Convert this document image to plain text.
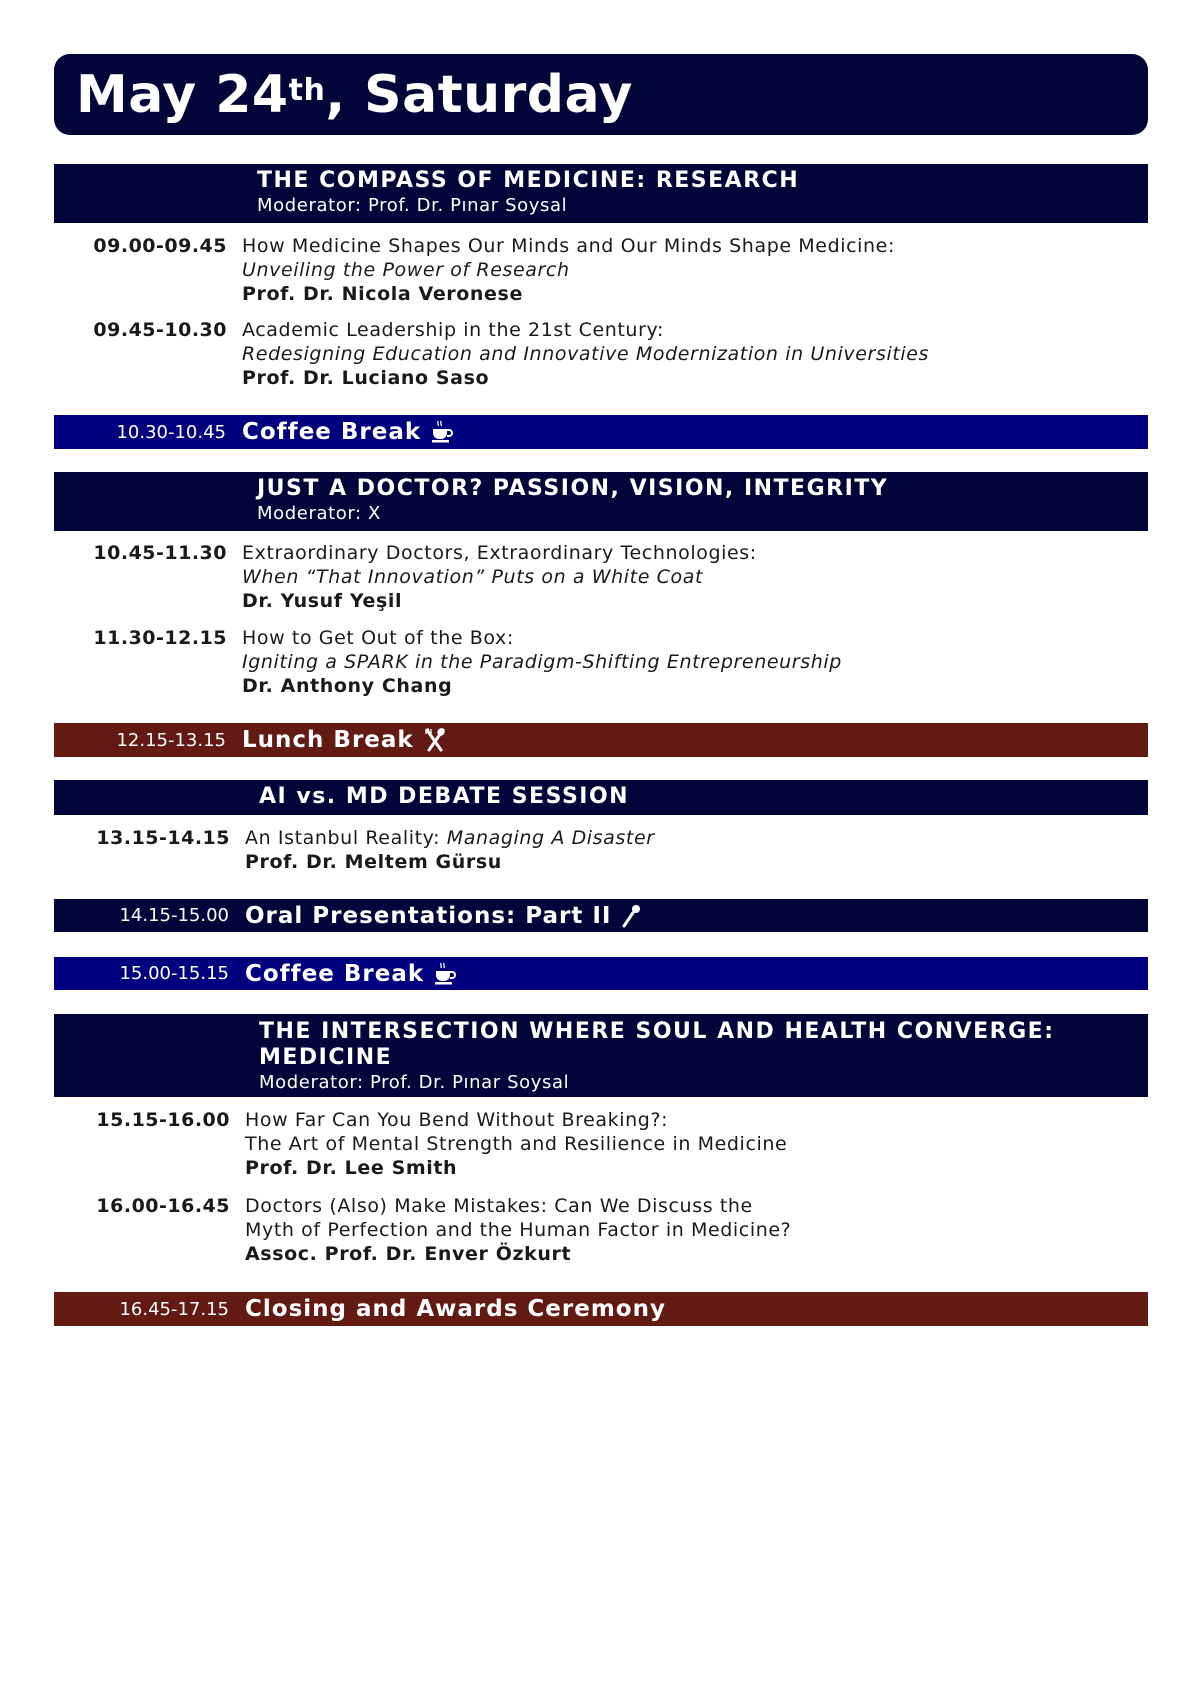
May 24th , Saturday
THE COMPASS OF MEDICINE: RESEARCH
Moderator: Prof. Dr. Pınar Soysal
09.00-09.45 How Medicine Shapes Our Minds and Our Minds Shape Medicine:
Unveiling the Power of Research
Prof. Dr. Nicola Veronese
09.45-10.30 Academic Leadership in the 21st Century:
Redesigning Education and Innovative Modernization in Universities
Prof. Dr. Luciano Saso
10.30-10.45 Coffee Break
JUST A DOCTOR? PASSION, VISION, INTEGRITY
Moderator: X
10.45-11.30 Extraordinary Doctors, Extraordinary Technologies:
When “That Innovation” Puts on a White Coat
Dr. Yusuf Yeşil
11.30-12.15 How to Get Out of the Box:
Igniting a SPARK in the Paradigm-Shifting Entrepreneurship
Dr. Anthony Chang
12.15-13.15 Lunch Break
AI vs. MD DEBATE SESSION
13.15-14.15 An Istanbul Reality: Managing A Disaster
Prof. Dr. Meltem Gürsu
14.15-15.00 Oral Presentations: Part II
15.00-15.15 Coffee Break
THE INTERSECTION WHERE SOUL AND HEALTH CONVERGE:
MEDICINE
Moderator: Prof. Dr. Pınar Soysal
15.15-16.00 How Far Can You Bend Without Breaking?:
The Art of Mental Strength and Resilience in Medicine
Prof. Dr. Lee Smith
16.00-16.45 Doctors (Also) Make Mistakes: Can We Discuss the
Myth of Perfection and the Human Factor in Medicine?
Assoc. Prof. Dr. Enver Özkurt
16.45-17.15 Closing and Awards Ceremony
